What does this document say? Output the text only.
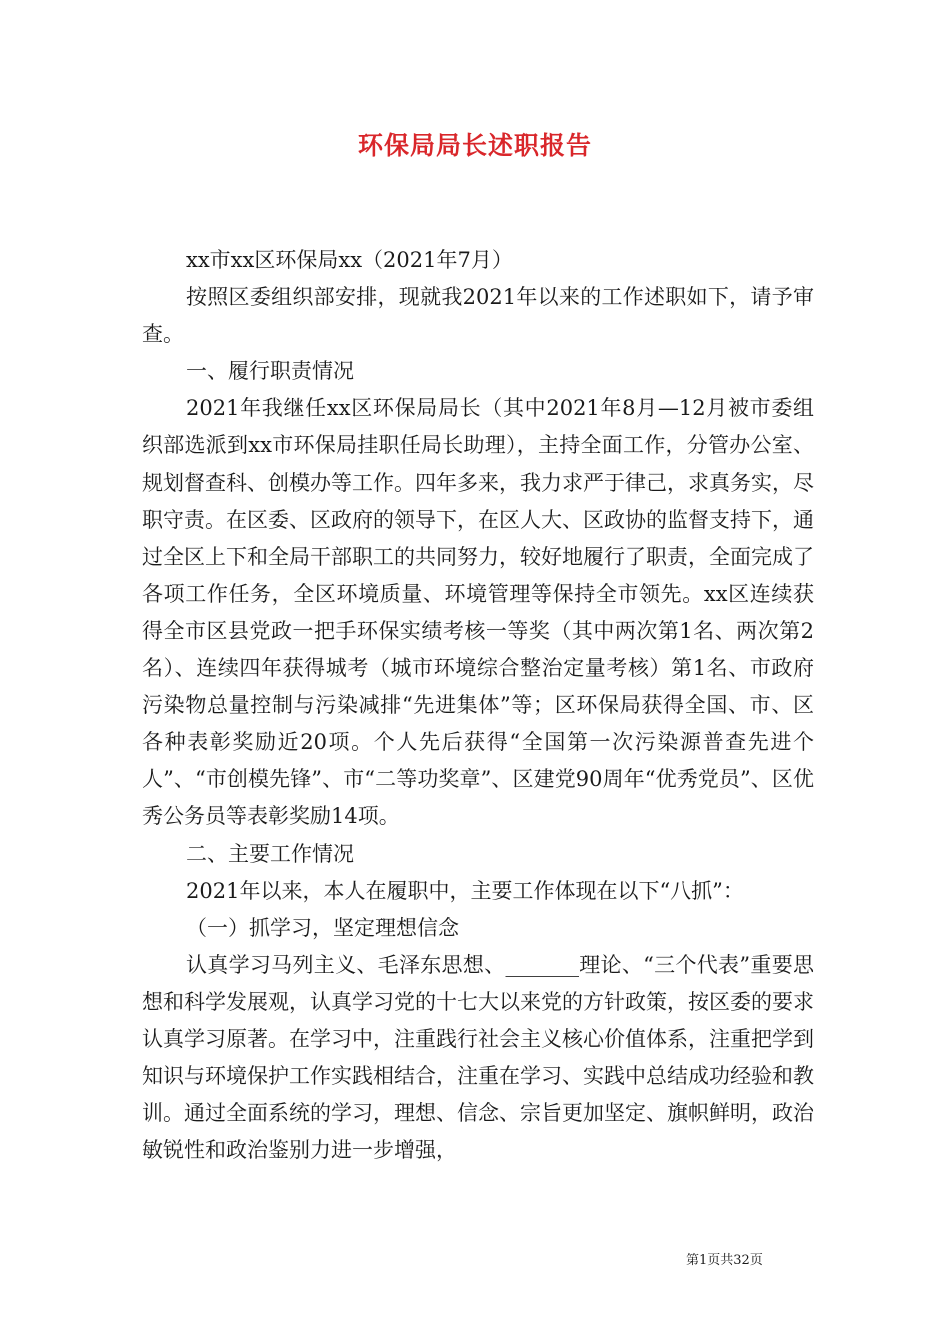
环保局局长述职报告

xx市xx区环保局xx（2021年7月）

按照区委组织部安排，现就我2021年以来的工作述职如下，请予审查。

一、履行职责情况

2021年我继任xx区环保局局长（其中2021年8月—12月被市委组织部选派到xx市环保局挂职任局长助理），主持全面工作，分管办公室、规划督查科、创模办等工作。四年多来，我力求严于律己，求真务实，尽职守责。在区委、区政府的领导下，在区人大、区政协的监督支持下，通过全区上下和全局干部职工的共同努力，较好地履行了职责，全面完成了各项工作任务，全区环境质量、环境管理等保持全市领先。xx区连续获得全市区县党政一把手环保实绩考核一等奖（其中两次第1名、两次第2名）、连续四年获得城考（城市环境综合整治定量考核）第1名、市政府污染物总量控制与污染减排“先进集体”等；区环保局获得全国、市、区各种表彰奖励近20项。个人先后获得“全国第一次污染源普查先进个人”、“市创模先锋”、市“二等功奖章”、区建党90周年“优秀党员”、区优秀公务员等表彰奖励14项。

二、主要工作情况

2021年以来，本人在履职中，主要工作体现在以下“八抓”：

（一）抓学习，坚定理想信念

认真学习马列主义、毛泽东思想、_______理论、“三个代表”重要思想和科学发展观，认真学习党的十七大以来党的方针政策，按区委的要求认真学习原著。在学习中，注重践行社会主义核心价值体系，注重把学到知识与环境保护工作实践相结合，注重在学习、实践中总结成功经验和教训。通过全面系统的学习，理想、信念、宗旨更加坚定、旗帜鲜明，政治敏锐性和政治鉴别力进一步增强，

第1页共32页
